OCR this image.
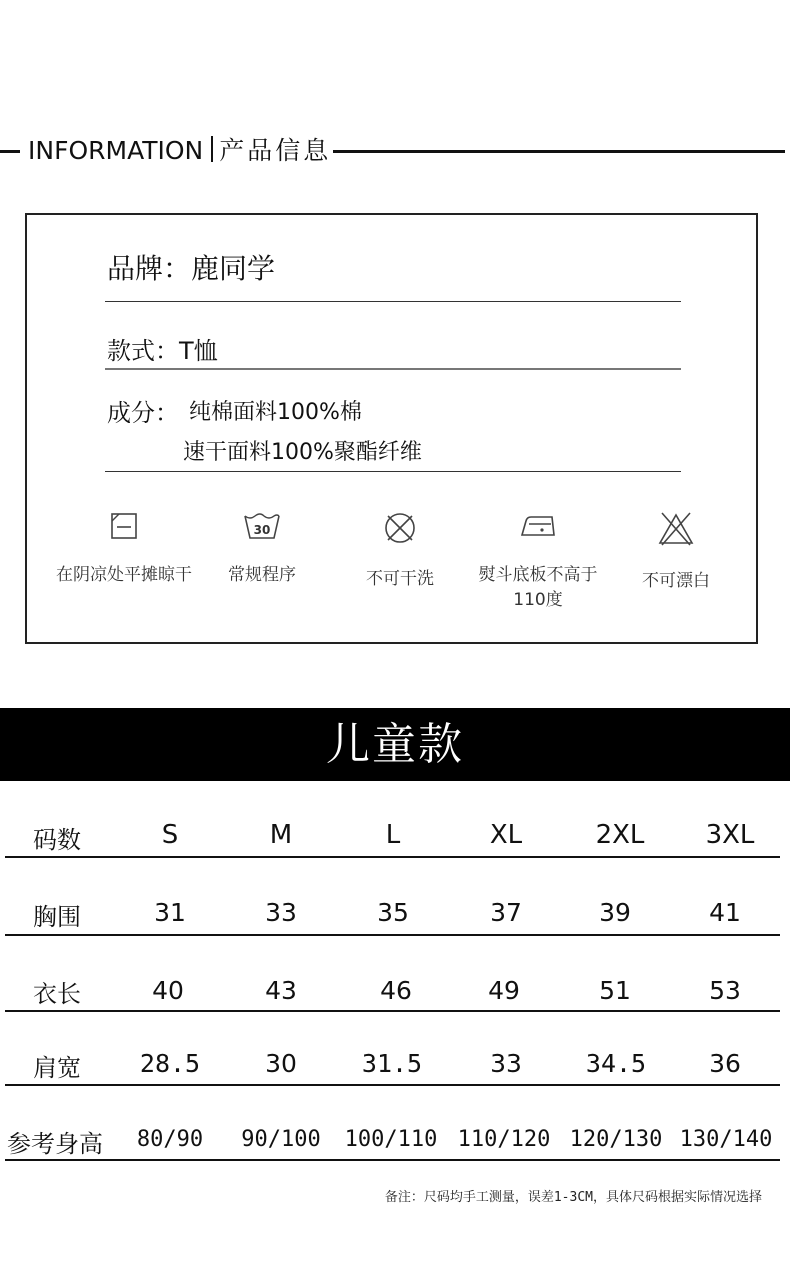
INFORMATION 产品信息
品牌：鹿同学
款式：T恤
成分： 纯棉面料100%棉
速干面料100%聚酯纤维
在阴凉处平摊晾干
30
常规程序	不可干洗	熨斗底板不高于110度
不可漂白
儿童款
码数	S	M	L	XL	2XL	3XL
胸围	31	33	35	37	39	41
衣长	40	43	46	49	51	53
肩宽	28.5	30	31.5	33	34.5	36
参考身高	80/90	90/100	100/110 110/120 120/130 130/140
备注：尺码均手工测量，误差1-3CM，具体尺码根据实际情况选择
